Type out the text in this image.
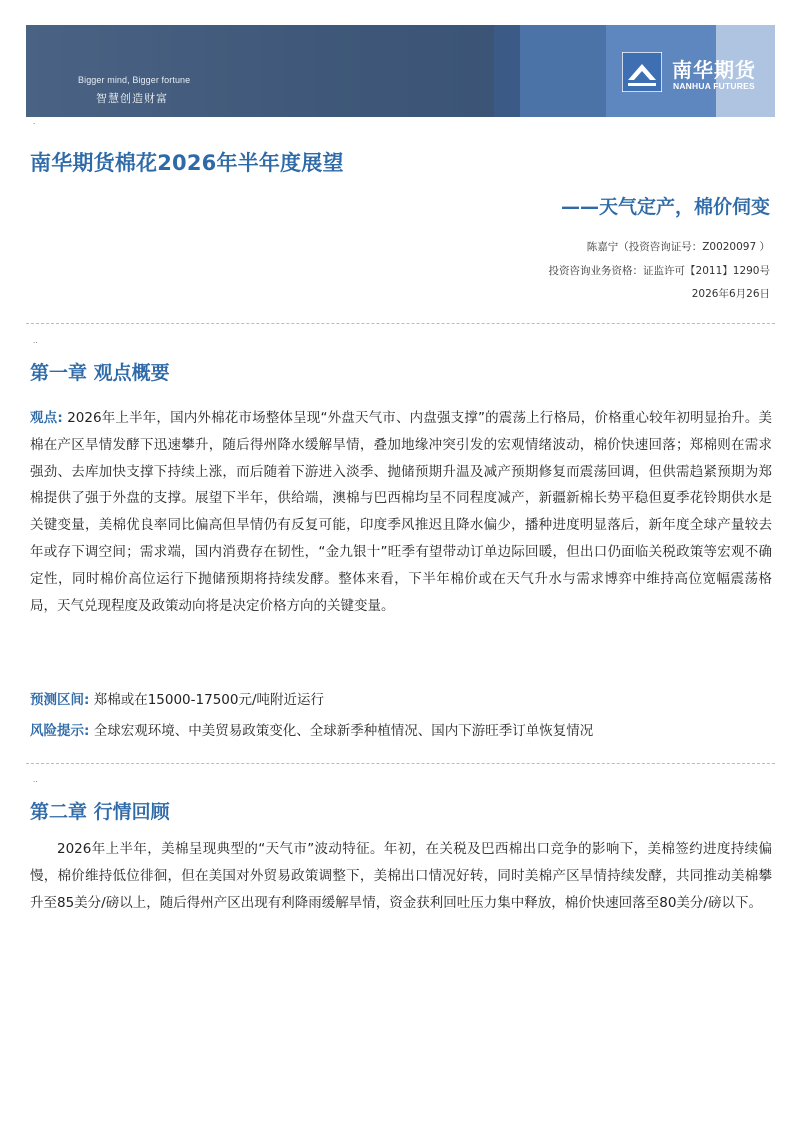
Bigger mind, Bigger fortune
智慧创造财富
南华期货
NANHUA FUTURES
·
南华期货棉花2026年半年度展望
——天气定产，棉价伺变
陈嘉宁（投资咨询证号：Z0020097 ）
投资咨询业务资格：证监许可【2011】1290号
2026年6月26日
··
第一章 观点概要
观点: 2026年上半年，国内外棉花市场整体呈现“外盘天气市、内盘强支撑”的震荡上行格局，价格重心较年初明显抬升。美棉在产区旱情发酵下迅速攀升，随后得州降水缓解旱情，叠加地缘冲突引发的宏观情绪波动，棉价快速回落；郑棉则在需求强劲、去库加快支撑下持续上涨，而后随着下游进入淡季、抛储预期升温及减产预期修复而震荡回调，但供需趋紧预期为郑棉提供了强于外盘的支撑。展望下半年，供给端，澳棉与巴西棉均呈不同程度减产，新疆新棉长势平稳但夏季花铃期供水是关键变量，美棉优良率同比偏高但旱情仍有反复可能，印度季风推迟且降水偏少，播种进度明显落后，新年度全球产量较去年或存下调空间；需求端，国内消费存在韧性，“金九银十”旺季有望带动订单边际回暖，但出口仍面临关税政策等宏观不确定性，同时棉价高位运行下抛储预期将持续发酵。整体来看，下半年棉价或在天气升水与需求博弈中维持高位宽幅震荡格局，天气兑现程度及政策动向将是决定价格方向的关键变量。
预测区间: 郑棉或在15000-17500元/吨附近运行
风险提示: 全球宏观环境、中美贸易政策变化、全球新季种植情况、国内下游旺季订单恢复情况
··
第二章 行情回顾
2026年上半年，美棉呈现典型的“天气市”波动特征。年初，在关税及巴西棉出口竞争的影响下，美棉签约进度持续偏慢，棉价维持低位徘徊，但在美国对外贸易政策调整下，美棉出口情况好转，同时美棉产区旱情持续发酵，共同推动美棉攀升至85美分/磅以上，随后得州产区出现有利降雨缓解旱情，资金获利回吐压力集中释放，棉价快速回落至80美分/磅以下。
